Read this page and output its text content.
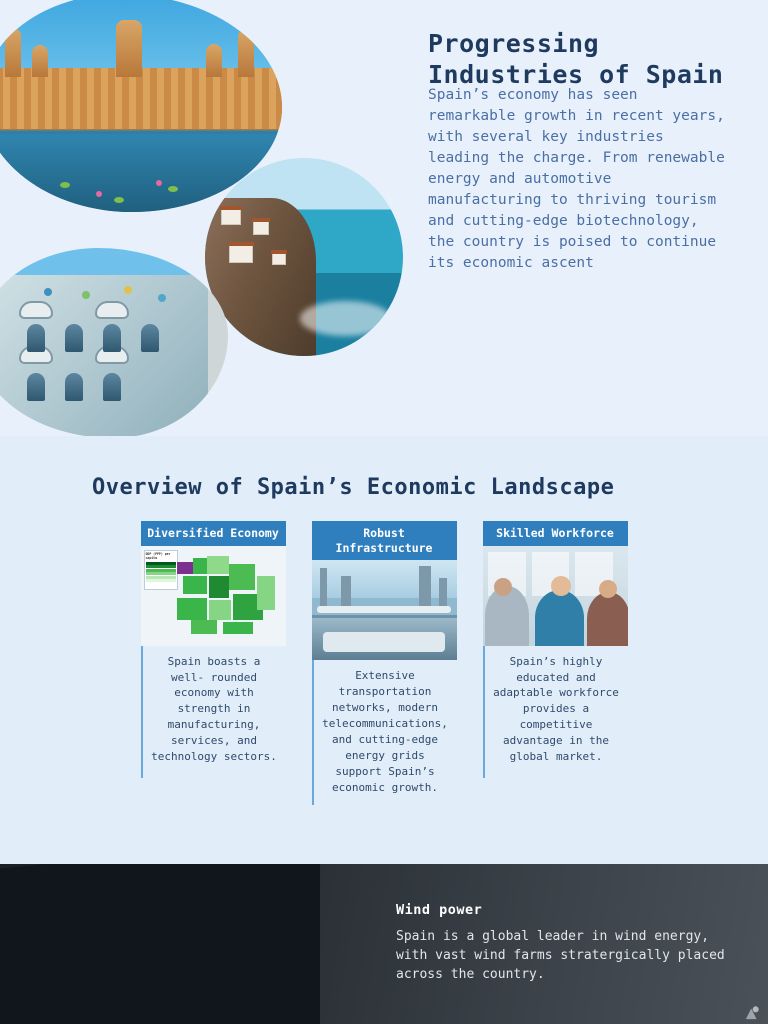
Progressing Industries of Spain

Spain’s economy has seen remarkable growth in recent years, with several key industries leading the charge. From renewable energy and automotive manufacturing to thriving tourism and cutting-edge biotechnology, the country is poised to continue its economic ascent

Overview of Spain’s Economic Landscape
Diversified Economy
GDP (PPP) per capita
Spain boasts a well- rounded economy with strength in manufacturing, services, and technology sectors.
Robust Infrastructure
Extensive transportation networks, modern telecommunications, and cutting-edge energy grids support Spain’s economic growth.
Skilled Workforce
Spain’s highly educated and adaptable workforce provides a competitive advantage in the global market.
Wind power
Spain is a global leader in wind energy, with vast wind farms stratergically placed across the country.
